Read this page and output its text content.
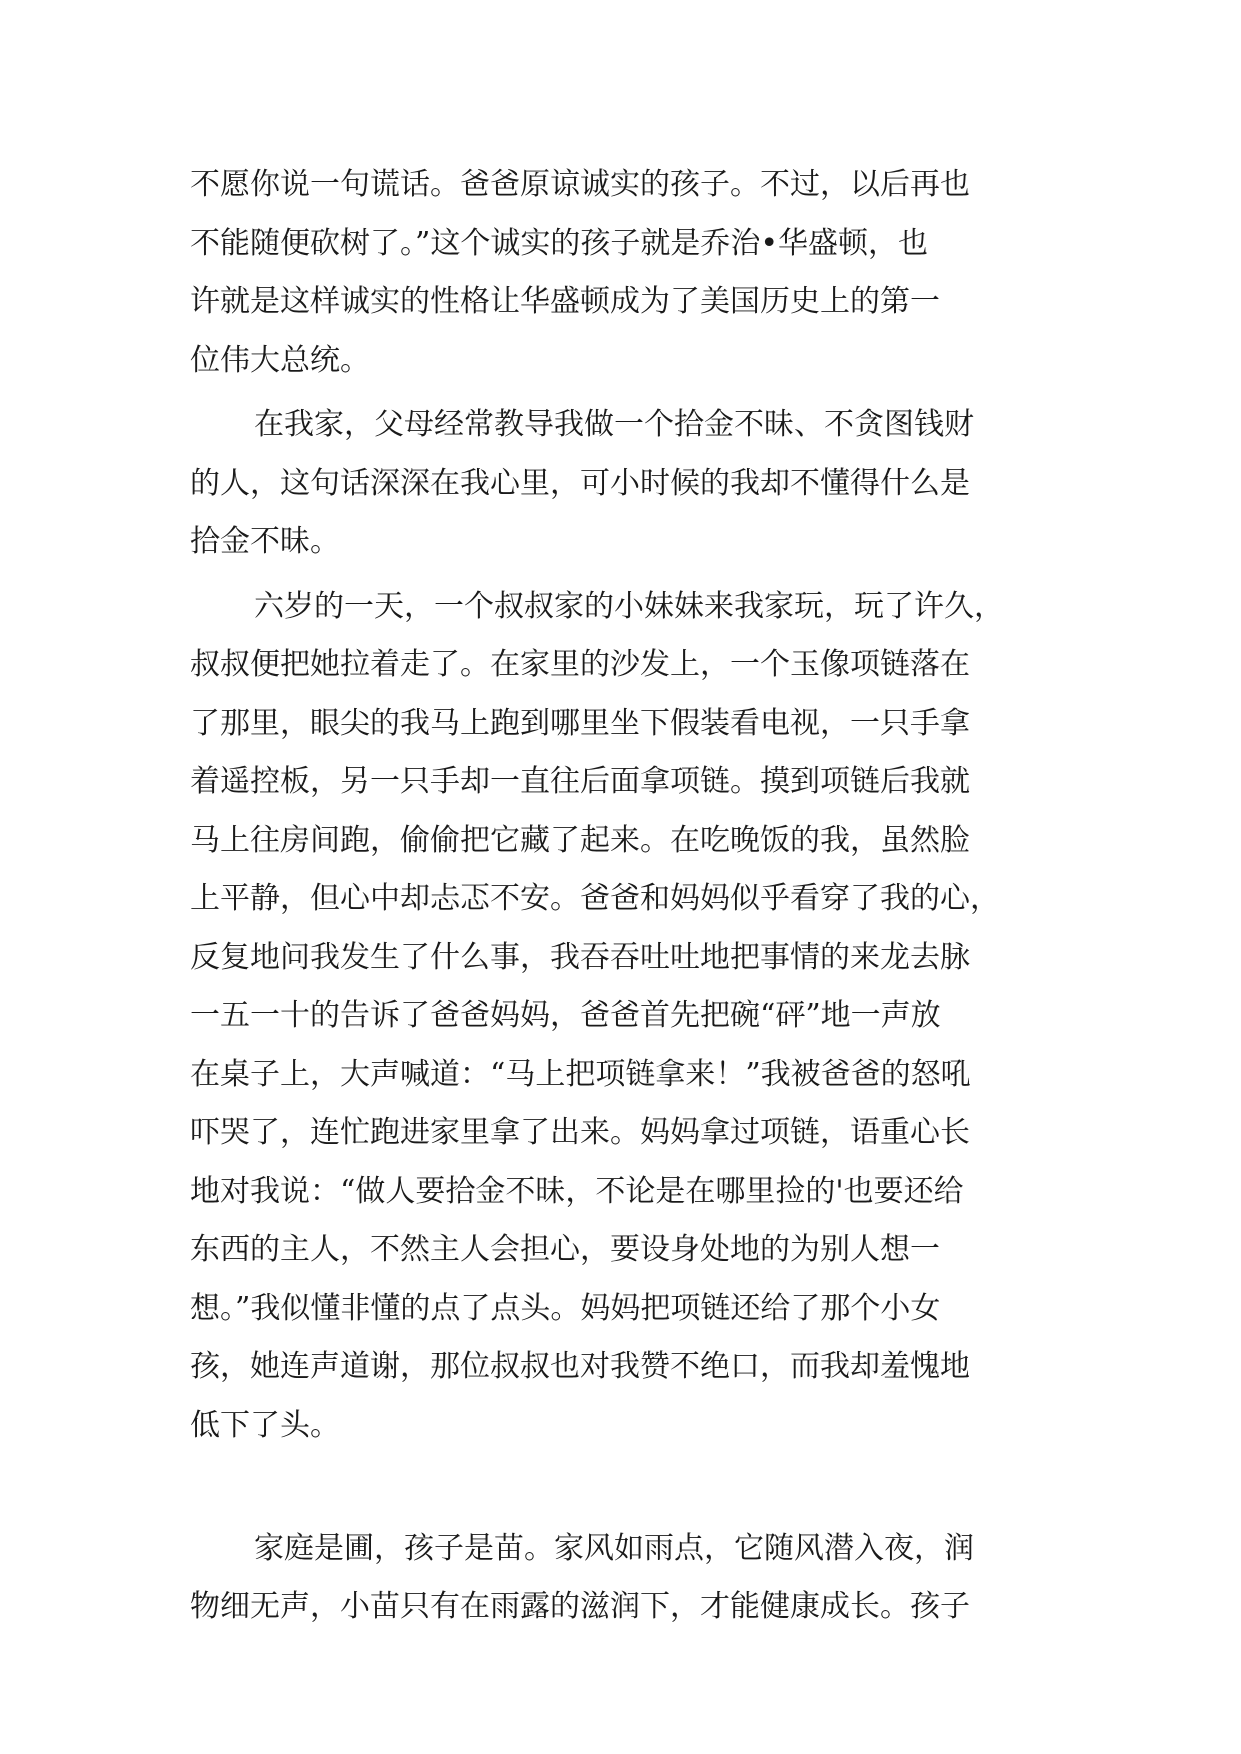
不愿你说一句谎话。爸爸原谅诚实的孩子。不过，以后再也
不能随便砍树了。”这个诚实的孩子就是乔治•华盛顿，也
许就是这样诚实的性格让华盛顿成为了美国历史上的第一
位伟大总统。
在我家，父母经常教导我做一个拾金不昧、不贪图钱财
的人，这句话深深在我心里，可小时候的我却不懂得什么是
拾金不昧。
六岁的一天，一个叔叔家的小妹妹来我家玩，玩了许久，
叔叔便把她拉着走了。在家里的沙发上，一个玉像项链落在
了那里，眼尖的我马上跑到哪里坐下假装看电视，一只手拿
着遥控板，另一只手却一直往后面拿项链。摸到项链后我就
马上往房间跑，偷偷把它藏了起来。在吃晚饭的我，虽然脸
上平静，但心中却忐忑不安。爸爸和妈妈似乎看穿了我的心，
反复地问我发生了什么事，我吞吞吐吐地把事情的来龙去脉
一五一十的告诉了爸爸妈妈，爸爸首先把碗“砰”地一声放
在桌子上，大声喊道：“马上把项链拿来！”我被爸爸的怒吼
吓哭了，连忙跑进家里拿了出来。妈妈拿过项链，语重心长
地对我说：“做人要拾金不昧，不论是在哪里捡的'也要还给
东西的主人，不然主人会担心，要设身处地的为别人想一
想。”我似懂非懂的点了点头。妈妈把项链还给了那个小女
孩，她连声道谢，那位叔叔也对我赞不绝口，而我却羞愧地
低下了头。
家庭是圃，孩子是苗。家风如雨点，它随风潜入夜，润
物细无声，小苗只有在雨露的滋润下，才能健康成长。孩子
